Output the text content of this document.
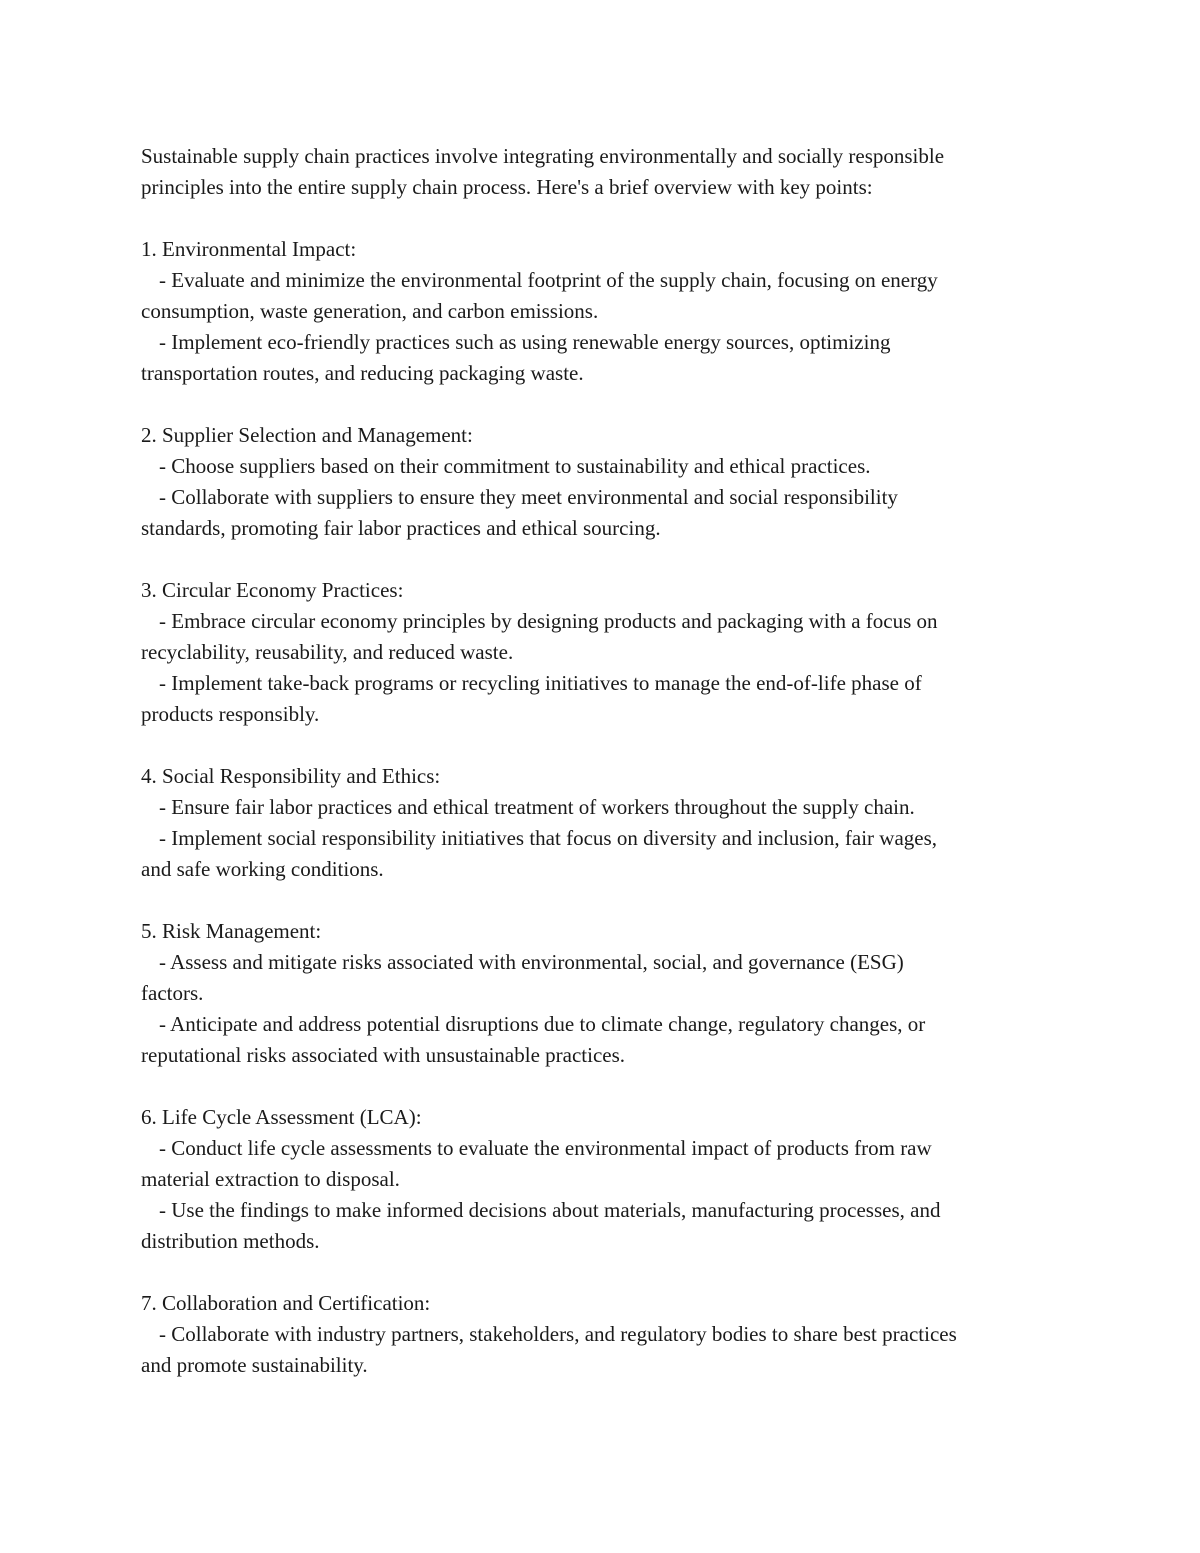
Sustainable supply chain practices involve integrating environmentally and socially responsible
principles into the entire supply chain process. Here's a brief overview with key points:
1. Environmental Impact:
- Evaluate and minimize the environmental footprint of the supply chain, focusing on energy
consumption, waste generation, and carbon emissions.
- Implement eco-friendly practices such as using renewable energy sources, optimizing
transportation routes, and reducing packaging waste.
2. Supplier Selection and Management:
- Choose suppliers based on their commitment to sustainability and ethical practices.
- Collaborate with suppliers to ensure they meet environmental and social responsibility
standards, promoting fair labor practices and ethical sourcing.
3. Circular Economy Practices:
- Embrace circular economy principles by designing products and packaging with a focus on
recyclability, reusability, and reduced waste.
- Implement take-back programs or recycling initiatives to manage the end-of-life phase of
products responsibly.
4. Social Responsibility and Ethics:
- Ensure fair labor practices and ethical treatment of workers throughout the supply chain.
- Implement social responsibility initiatives that focus on diversity and inclusion, fair wages,
and safe working conditions.
5. Risk Management:
- Assess and mitigate risks associated with environmental, social, and governance (ESG)
factors.
- Anticipate and address potential disruptions due to climate change, regulatory changes, or
reputational risks associated with unsustainable practices.
6. Life Cycle Assessment (LCA):
- Conduct life cycle assessments to evaluate the environmental impact of products from raw
material extraction to disposal.
- Use the findings to make informed decisions about materials, manufacturing processes, and
distribution methods.
7. Collaboration and Certification:
- Collaborate with industry partners, stakeholders, and regulatory bodies to share best practices
and promote sustainability.
